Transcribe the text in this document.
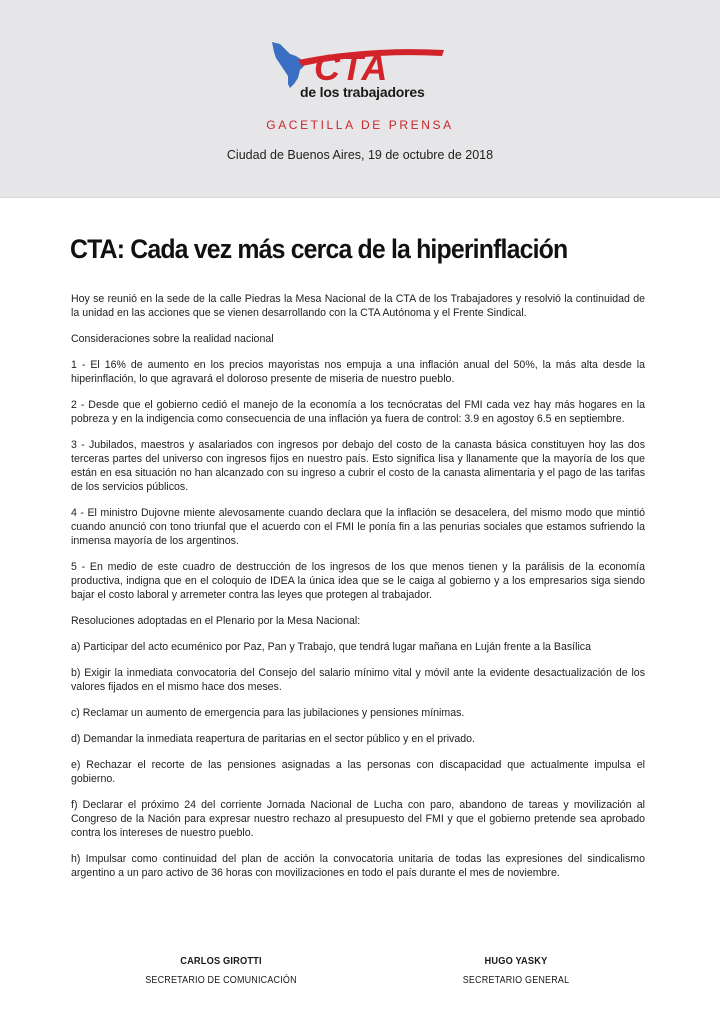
CTA
de los trabajadores
GACETILLA DE PRENSA
Ciudad de Buenos Aires, 19 de octubre de 2018
CTA: Cada vez más cerca de la hiperinflación

Hoy se reunió en la sede de la calle Piedras la Mesa Nacional de la CTA de los Trabajadores y resolvió la continuidad de la unidad en las acciones que se vienen desarrollando con la CTA Autónoma y el Frente Sindical.

Consideraciones sobre la realidad nacional

1 - El 16% de aumento en los precios mayoristas nos empuja a una inflación anual del 50%, la más alta desde la hiperinflación, lo que agravará el doloroso presente de miseria de nuestro pueblo.

2 - Desde que el gobierno cedió el manejo de la economía a los tecnócratas del FMI cada vez hay más hogares en la pobreza y en la indigencia como consecuencia de una inflación ya fuera de control: 3.9 en agostoy 6.5 en septiembre.

3 - Jubilados, maestros y asalariados con ingresos por debajo del costo de la canasta básica constituyen hoy las dos terceras partes del universo con ingresos fijos en nuestro país. Esto significa lisa y llanamente que la mayoría de los que están en esa situación no han alcanzado con su ingreso a cubrir el costo de la canasta alimentaria y el pago de las tarifas de los servicios públicos.

4 - El ministro Dujovne miente alevosamente cuando declara que la inflación se desacelera, del mismo modo que mintió cuando anunció con tono triunfal que el acuerdo con el FMI le ponía fin a las penurias sociales que estamos sufriendo la inmensa mayoría de los argentinos.

5 - En medio de este cuadro de destrucción de los ingresos de los que menos tienen y la parálisis de la economía productiva, indigna que en el coloquio de IDEA la única idea que se le caiga al gobierno y a los empresarios siga siendo bajar el costo laboral y arremeter contra las leyes que protegen al trabajador.

Resoluciones adoptadas en el Plenario por la Mesa Nacional:

a) Participar del acto ecuménico por Paz, Pan y Trabajo, que tendrá lugar mañana en Luján frente a la Basílica

b) Exigir la inmediata convocatoria del Consejo del salario mínimo vital y móvil ante la evidente desactualización de los valores fijados en el mismo hace dos meses.

c) Reclamar un aumento de emergencia para las jubilaciones y pensiones mínimas.

d) Demandar la inmediata reapertura de paritarias en el sector público y en el privado.

e) Rechazar el recorte de las pensiones asignadas a las personas con discapacidad que actualmente impulsa el gobierno.

f) Declarar el próximo 24 del corriente Jornada Nacional de Lucha con paro, abandono de tareas y movilización al Congreso de la Nación para expresar nuestro rechazo al presupuesto del FMI y que el gobierno pretende sea aprobado contra los intereses de nuestro pueblo.

h) Impulsar como continuidad del plan de acción la convocatoria unitaria de todas las expresiones del sindicalismo argentino a un paro activo de 36 horas con movilizaciones en todo el país durante el mes de noviembre.

CARLOS GIROTTI
SECRETARIO DE COMUNICACIÓN
HUGO YASKY
SECRETARIO GENERAL
